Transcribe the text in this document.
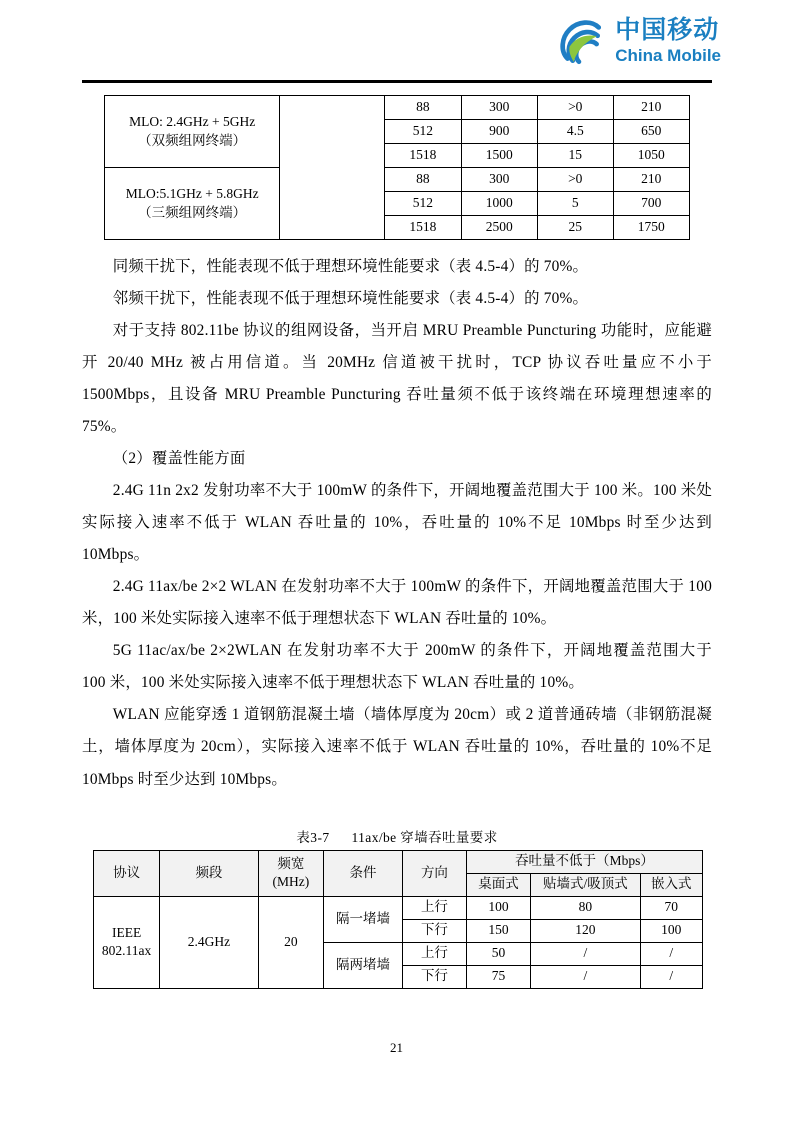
中国移动
China Mobile
MLO: 2.4GHz + 5GHz
（双频组网终端）		88	300	>0	210
		512	900	4.5	650
		1518	1500	15	1050
MLO:5.1GHz + 5.8GHz
（三频组网终端）		88	300	>0	210
		512	1000	5	700
		1518	2500	25	1750

同频干扰下，性能表现不低于理想环境性能要求（表 4.5-4）的 70%。

邻频干扰下，性能表现不低于理想环境性能要求（表 4.5-4）的 70%。

对于支持 802.11be 协议的组网设备，当开启 MRU Preamble Puncturing 功能时，应能避开 20/40 MHz 被占用信道。当 20MHz 信道被干扰时，TCP 协议吞吐量应不小于 1500Mbps，且设备 MRU Preamble Puncturing 吞吐量须不低于该终端在环境理想速率的 75%。

（2）覆盖性能方面

2.4G 11n 2x2 发射功率不大于 100mW 的条件下，开阔地覆盖范围大于 100 米。100 米处实际接入速率不低于 WLAN 吞吐量的 10%，吞吐量的 10%不足 10Mbps 时至少达到 10Mbps。

2.4G 11ax/be 2×2 WLAN 在发射功率不大于 100mW 的条件下，开阔地覆盖范围大于 100 米，100 米处实际接入速率不低于理想状态下 WLAN 吞吐量的 10%。

5G 11ac/ax/be 2×2WLAN 在发射功率不大于 200mW 的条件下，开阔地覆盖范围大于 100 米，100 米处实际接入速率不低于理想状态下 WLAN 吞吐量的 10%。

WLAN 应能穿透 1 道钢筋混凝土墙（墙体厚度为 20cm）或 2 道普通砖墙（非钢筋混凝土，墙体厚度为 20cm），实际接入速率不低于 WLAN 吞吐量的 10%，吞吐量的 10%不足 10Mbps 时至少达到 10Mbps。

表3-7 11ax/be 穿墙吞吐量要求
协议	频段	频宽
(MHz)	条件	方向	吞吐量不低于（Mbps）		
					桌面式	贴墙式/吸顶式	嵌入式
IEEE
802.11ax	2.4GHz	20	隔一堵墙	上行	100	80	70
				下行	150	120	100
			隔两堵墙	上行	50	/	/
				下行	75	/	/
21
